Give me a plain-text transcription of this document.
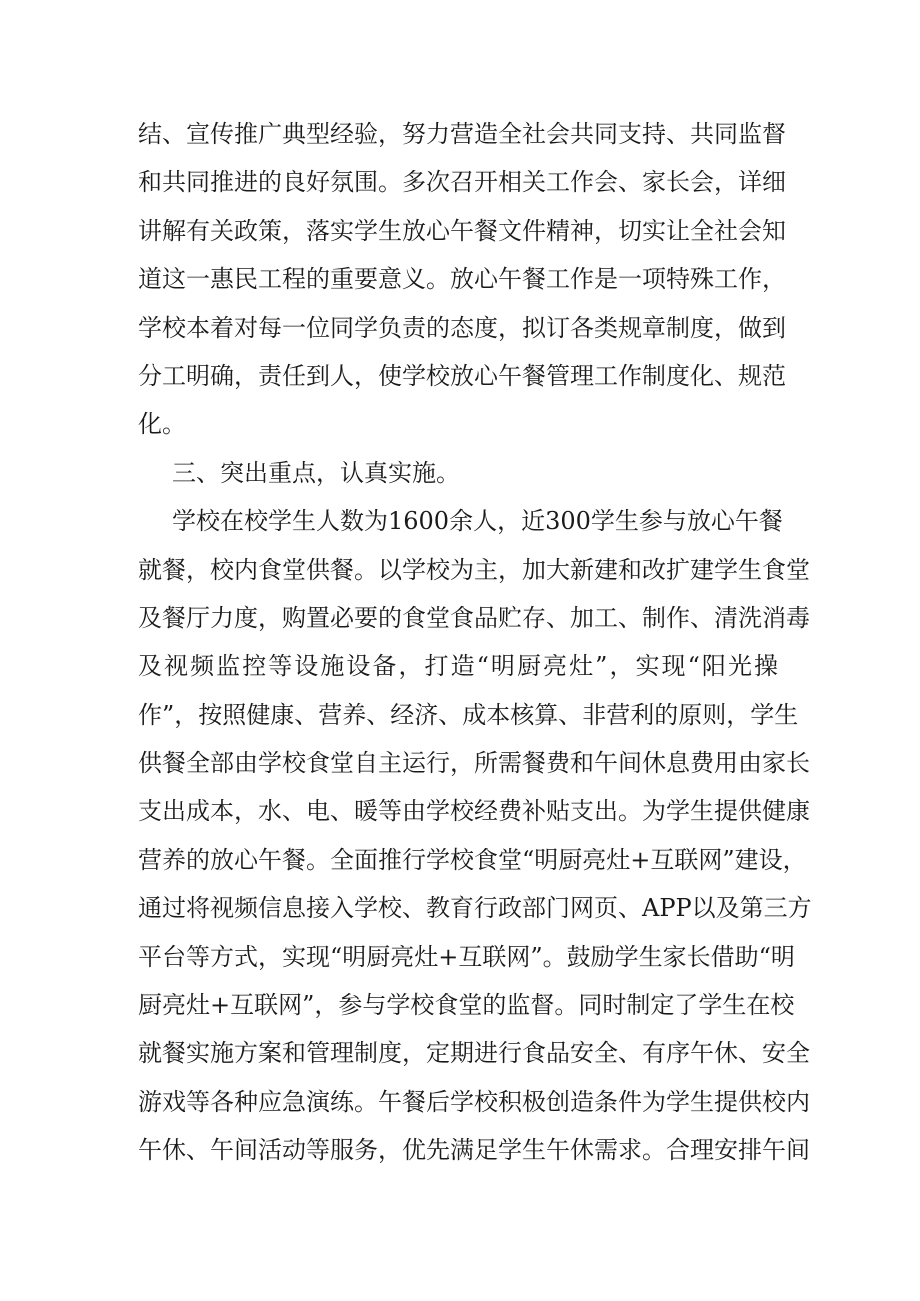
结、宣传推广典型经验，努力营造全社会共同支持、共同监督
和共同推进的良好氛围。多次召开相关工作会、家长会，详细
讲解有关政策，落实学生放心午餐文件精神，切实让全社会知
道这一惠民工程的重要意义。放心午餐工作是一项特殊工作，
学校本着对每一位同学负责的态度，拟订各类规章制度，做到
分工明确，责任到人，使学校放心午餐管理工作制度化、规范
化。
三、突出重点，认真实施。
学校在校学生人数为1600余人，近300学生参与放心午餐
就餐，校内食堂供餐。以学校为主，加大新建和改扩建学生食堂
及餐厅力度，购置必要的食堂食品贮存、加工、制作、清洗消毒
及视频监控等设施设备，打造“明厨亮灶”，实现“阳光操
作”，按照健康、营养、经济、成本核算、非营利的原则，学生
供餐全部由学校食堂自主运行，所需餐费和午间休息费用由家长
支出成本，水、电、暖等由学校经费补贴支出。为学生提供健康
营养的放心午餐。全面推行学校食堂“明厨亮灶+互联网”建设，
通过将视频信息接入学校、教育行政部门网页、APP以及第三方
平台等方式，实现“明厨亮灶+互联网”。鼓励学生家长借助“明
厨亮灶+互联网”，参与学校食堂的监督。同时制定了学生在校
就餐实施方案和管理制度，定期进行食品安全、有序午休、安全
游戏等各种应急演练。午餐后学校积极创造条件为学生提供校内
午休、午间活动等服务，优先满足学生午休需求。合理安排午间
